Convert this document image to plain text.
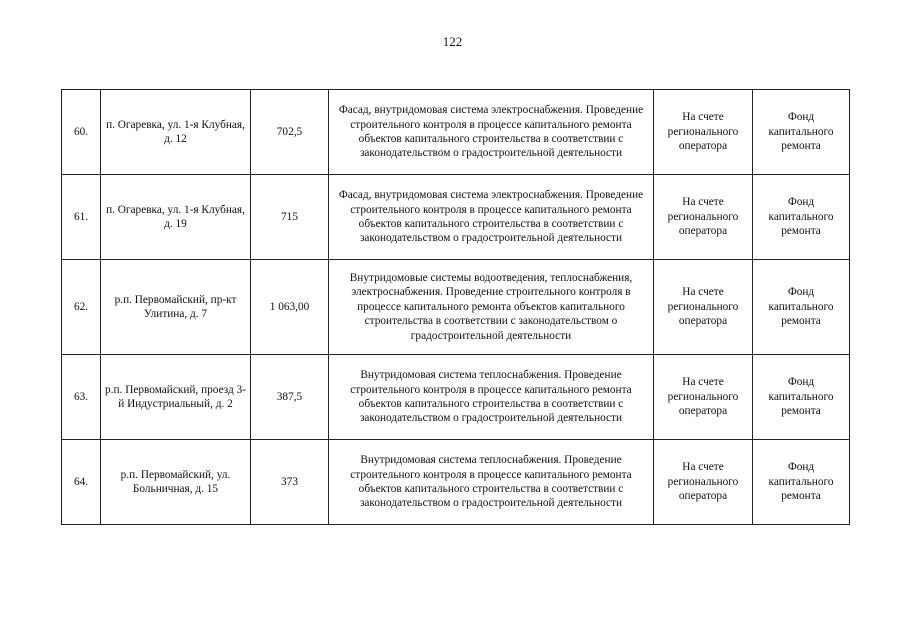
122
60.	п. Огаревка, ул. 1-я Клубная, д. 12	702,5	Фасад, внутридомовая система электроснабжения. Проведение строительного контроля в процессе капитального ремонта объектов капитального строительства в соответствии с законодательством о градостроительной деятельности	На счете регионального оператора	Фонд капитального ремонта
61.	п. Огаревка, ул. 1-я Клубная, д. 19	715	Фасад, внутридомовая система электроснабжения. Проведение строительного контроля в процессе капитального ремонта объектов капитального строительства в соответствии с законодательством о градостроительной деятельности	На счете регионального оператора	Фонд капитального ремонта
62.	р.п. Первомайский, пр-кт Улитина, д. 7	1 063,00	Внутридомовые системы водоотведения, теплоснабжения, электроснабжения. Проведение строительного контроля в процессе капитального ремонта объектов капитального строительства в соответствии с законодательством о градостроительной деятельности	На счете регионального оператора	Фонд капитального ремонта
63.	р.п. Первомайский, проезд 3-й Индустриальный, д. 2	387,5	Внутридомовая система теплоснабжения. Проведение строительного контроля в процессе капитального ремонта объектов капитального строительства в соответствии с законодательством о градостроительной деятельности	На счете регионального оператора	Фонд капитального ремонта
64.	р.п. Первомайский, ул. Больничная, д. 15	373	Внутридомовая система теплоснабжения. Проведение строительного контроля в процессе капитального ремонта объектов капитального строительства в соответствии с законодательством о градостроительной деятельности	На счете регионального оператора	Фонд капитального ремонта
